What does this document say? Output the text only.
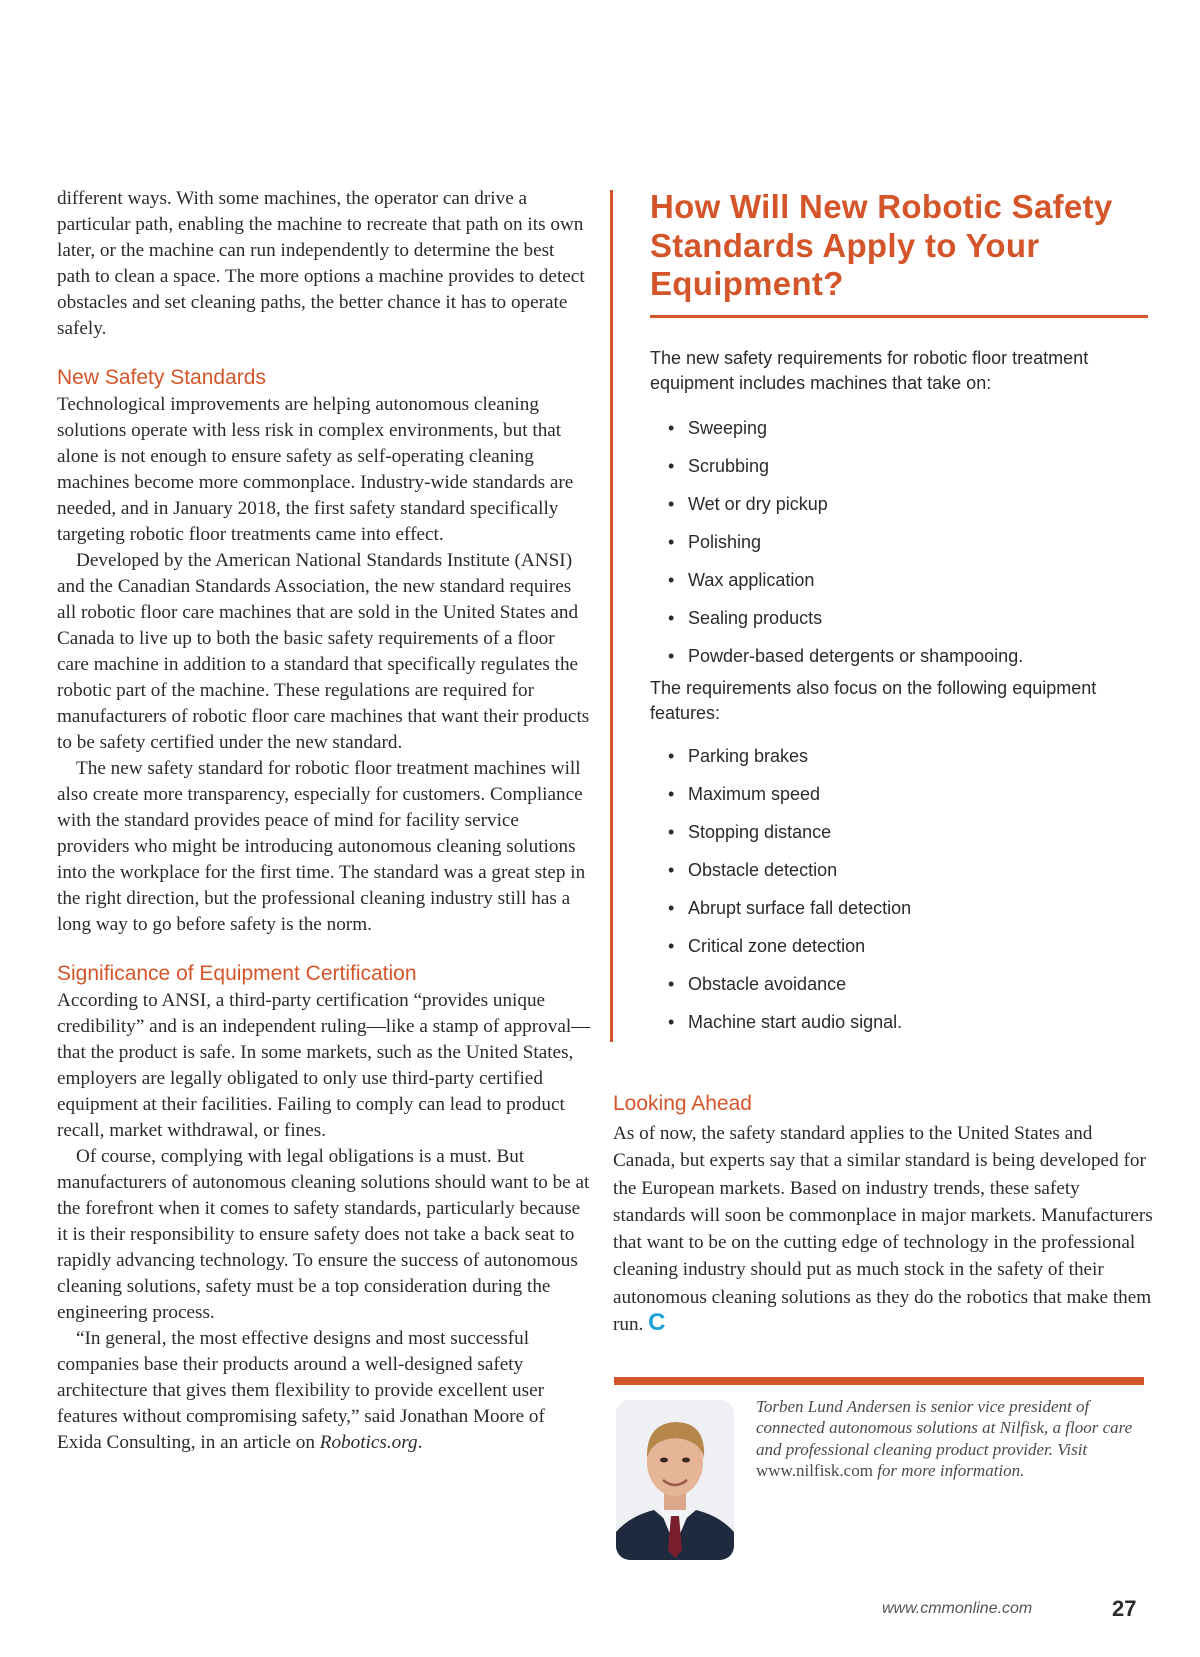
different ways. With some machines, the operator can drive a particular path, enabling the machine to recreate that path on its own later, or the machine can run independently to determine the best path to clean a space. The more options a machine provides to detect obstacles and set cleaning paths, the better chance it has to operate safely.

New Safety Standards

Technological improvements are helping autonomous cleaning solutions operate with less risk in complex environments, but that alone is not enough to ensure safety as self-operating cleaning machines become more commonplace. Industry-wide standards are needed, and in January 2018, the first safety standard specifically targeting robotic floor treatments came into effect.

Developed by the American National Standards Institute (ANSI) and the Canadian Standards Association, the new standard requires all robotic floor care machines that are sold in the United States and Canada to live up to both the basic safety requirements of a floor care machine in addition to a standard that specifically regulates the robotic part of the machine. These regulations are required for manufacturers of robotic floor care machines that want their products to be safety certified under the new standard.

The new safety standard for robotic floor treatment machines will also create more transparency, especially for customers. Compliance with the standard provides peace of mind for facility service providers who might be introducing autonomous cleaning solutions into the workplace for the first time. The standard was a great step in the right direction, but the professional cleaning industry still has a long way to go before safety is the norm.

Significance of Equipment Certification

According to ANSI, a third-party certification “provides unique credibility” and is an independent ruling—like a stamp of approval—that the product is safe. In some markets, such as the United States, employers are legally obligated to only use third-party certified equipment at their facilities. Failing to comply can lead to product recall, market withdrawal, or fines.

Of course, complying with legal obligations is a must. But manufacturers of autonomous cleaning solutions should want to be at the forefront when it comes to safety standards, particularly because it is their responsibility to ensure safety does not take a back seat to rapidly advancing technology. To ensure the success of autonomous cleaning solutions, safety must be a top consideration during the engineering process.

“In general, the most effective designs and most successful companies base their products around a well-designed safety architecture that gives them flexibility to provide excellent user features without compromising safety,” said Jonathan Moore of Exida Consulting, in an article on Robotics.org.

How Will New Robotic Safety Standards Apply to Your Equipment?

The new safety requirements for robotic floor treatment equipment includes machines that take on:

• Sweeping
• Scrubbing
• Wet or dry pickup
• Polishing
• Wax application
• Sealing products
• Powder-based detergents or shampooing.

The requirements also focus on the following equipment features:

• Parking brakes
• Maximum speed
• Stopping distance
• Obstacle detection
• Abrupt surface fall detection
• Critical zone detection
• Obstacle avoidance
• Machine start audio signal.
Looking Ahead

As of now, the safety standard applies to the United States and Canada, but experts say that a similar standard is being developed for the European markets. Based on industry trends, these safety standards will soon be commonplace in major markets. Manufacturers that want to be on the cutting edge of technology in the professional cleaning industry should put as much stock in the safety of their autonomous cleaning solutions as they do the robotics that make them run. C

Torben Lund Andersen is senior vice president of connected autonomous solutions at Nilfisk, a floor care and professional cleaning product provider. Visit www.nilfisk.com for more information.

www.cmmonline.com	27
